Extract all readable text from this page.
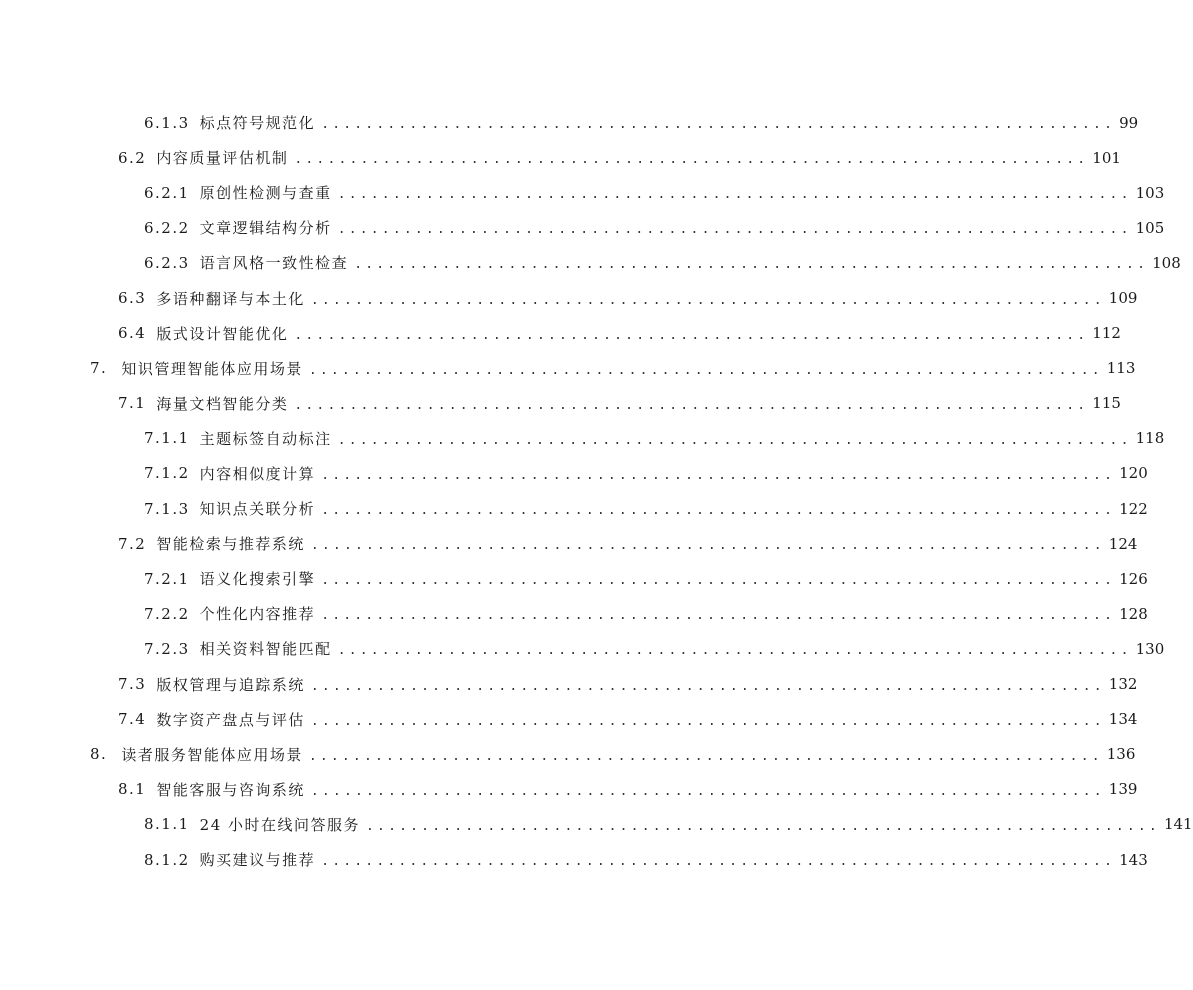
6.1.3 标点符号规范化 ........................................................................ 99
6.2 内容质量评估机制 ........................................................................ 101
6.2.1 原创性检测与查重 ........................................................................ 103
6.2.2 文章逻辑结构分析 ........................................................................ 105
6.2.3 语言风格一致性检查 ........................................................................ 108
6.3 多语种翻译与本土化 ........................................................................ 109
6.4 版式设计智能优化 ........................................................................ 112
7. 知识管理智能体应用场景 ........................................................................ 113
7.1 海量文档智能分类 ........................................................................ 115
7.1.1 主题标签自动标注 ........................................................................ 118
7.1.2 内容相似度计算 ........................................................................ 120
7.1.3 知识点关联分析 ........................................................................ 122
7.2 智能检索与推荐系统 ........................................................................ 124
7.2.1 语义化搜索引擎 ........................................................................ 126
7.2.2 个性化内容推荐 ........................................................................ 128
7.2.3 相关资料智能匹配 ........................................................................ 130
7.3 版权管理与追踪系统 ........................................................................ 132
7.4 数字资产盘点与评估 ........................................................................ 134
8. 读者服务智能体应用场景 ........................................................................ 136
8.1 智能客服与咨询系统 ........................................................................ 139
8.1.1 24 小时在线问答服务 ........................................................................ 141
8.1.2 购买建议与推荐 ........................................................................ 143
